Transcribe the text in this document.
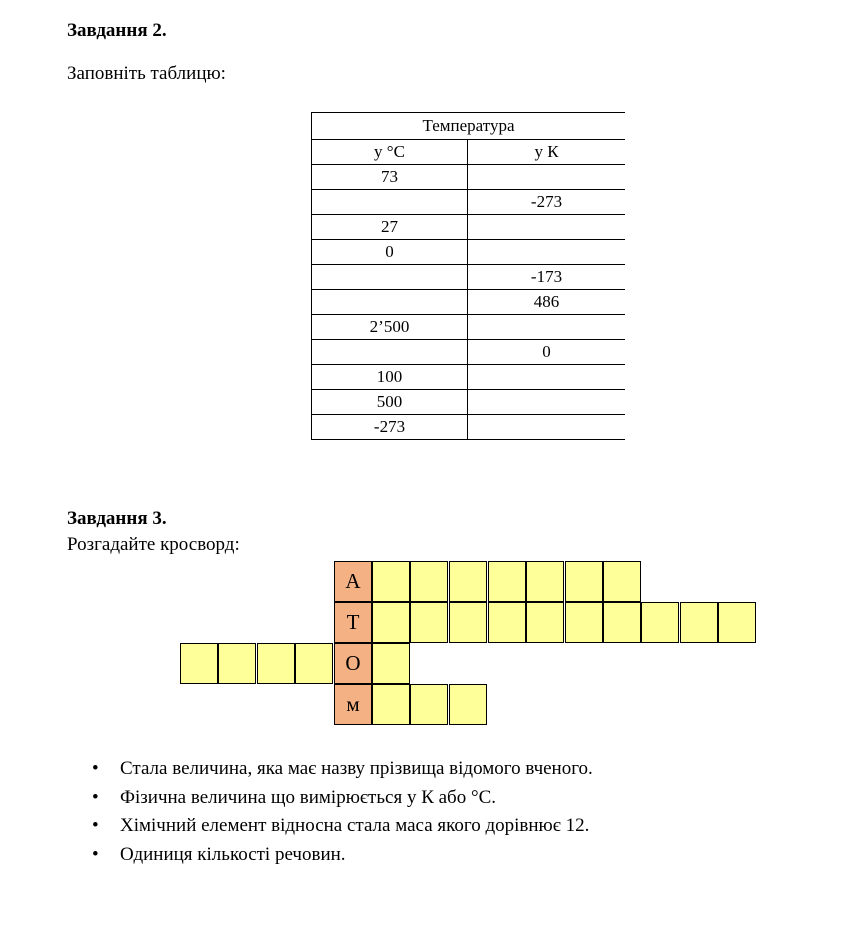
Завдання 2.
Заповніть таблицю:
Температура	
у °С	у К
73	
	-273
27	
0	
	-173
	486
2’500	
	0
100	
500	
-273	
Завдання 3.
Розгадайте кросворд:
А
Т
О
м
• Стала величина, яка має назву прізвища відомого вченого.
• Фізична величина що вимірюється у К або °С.
• Хімічний елемент відносна стала маса якого дорівнює 12.
• Одиниця кількості речовин.
